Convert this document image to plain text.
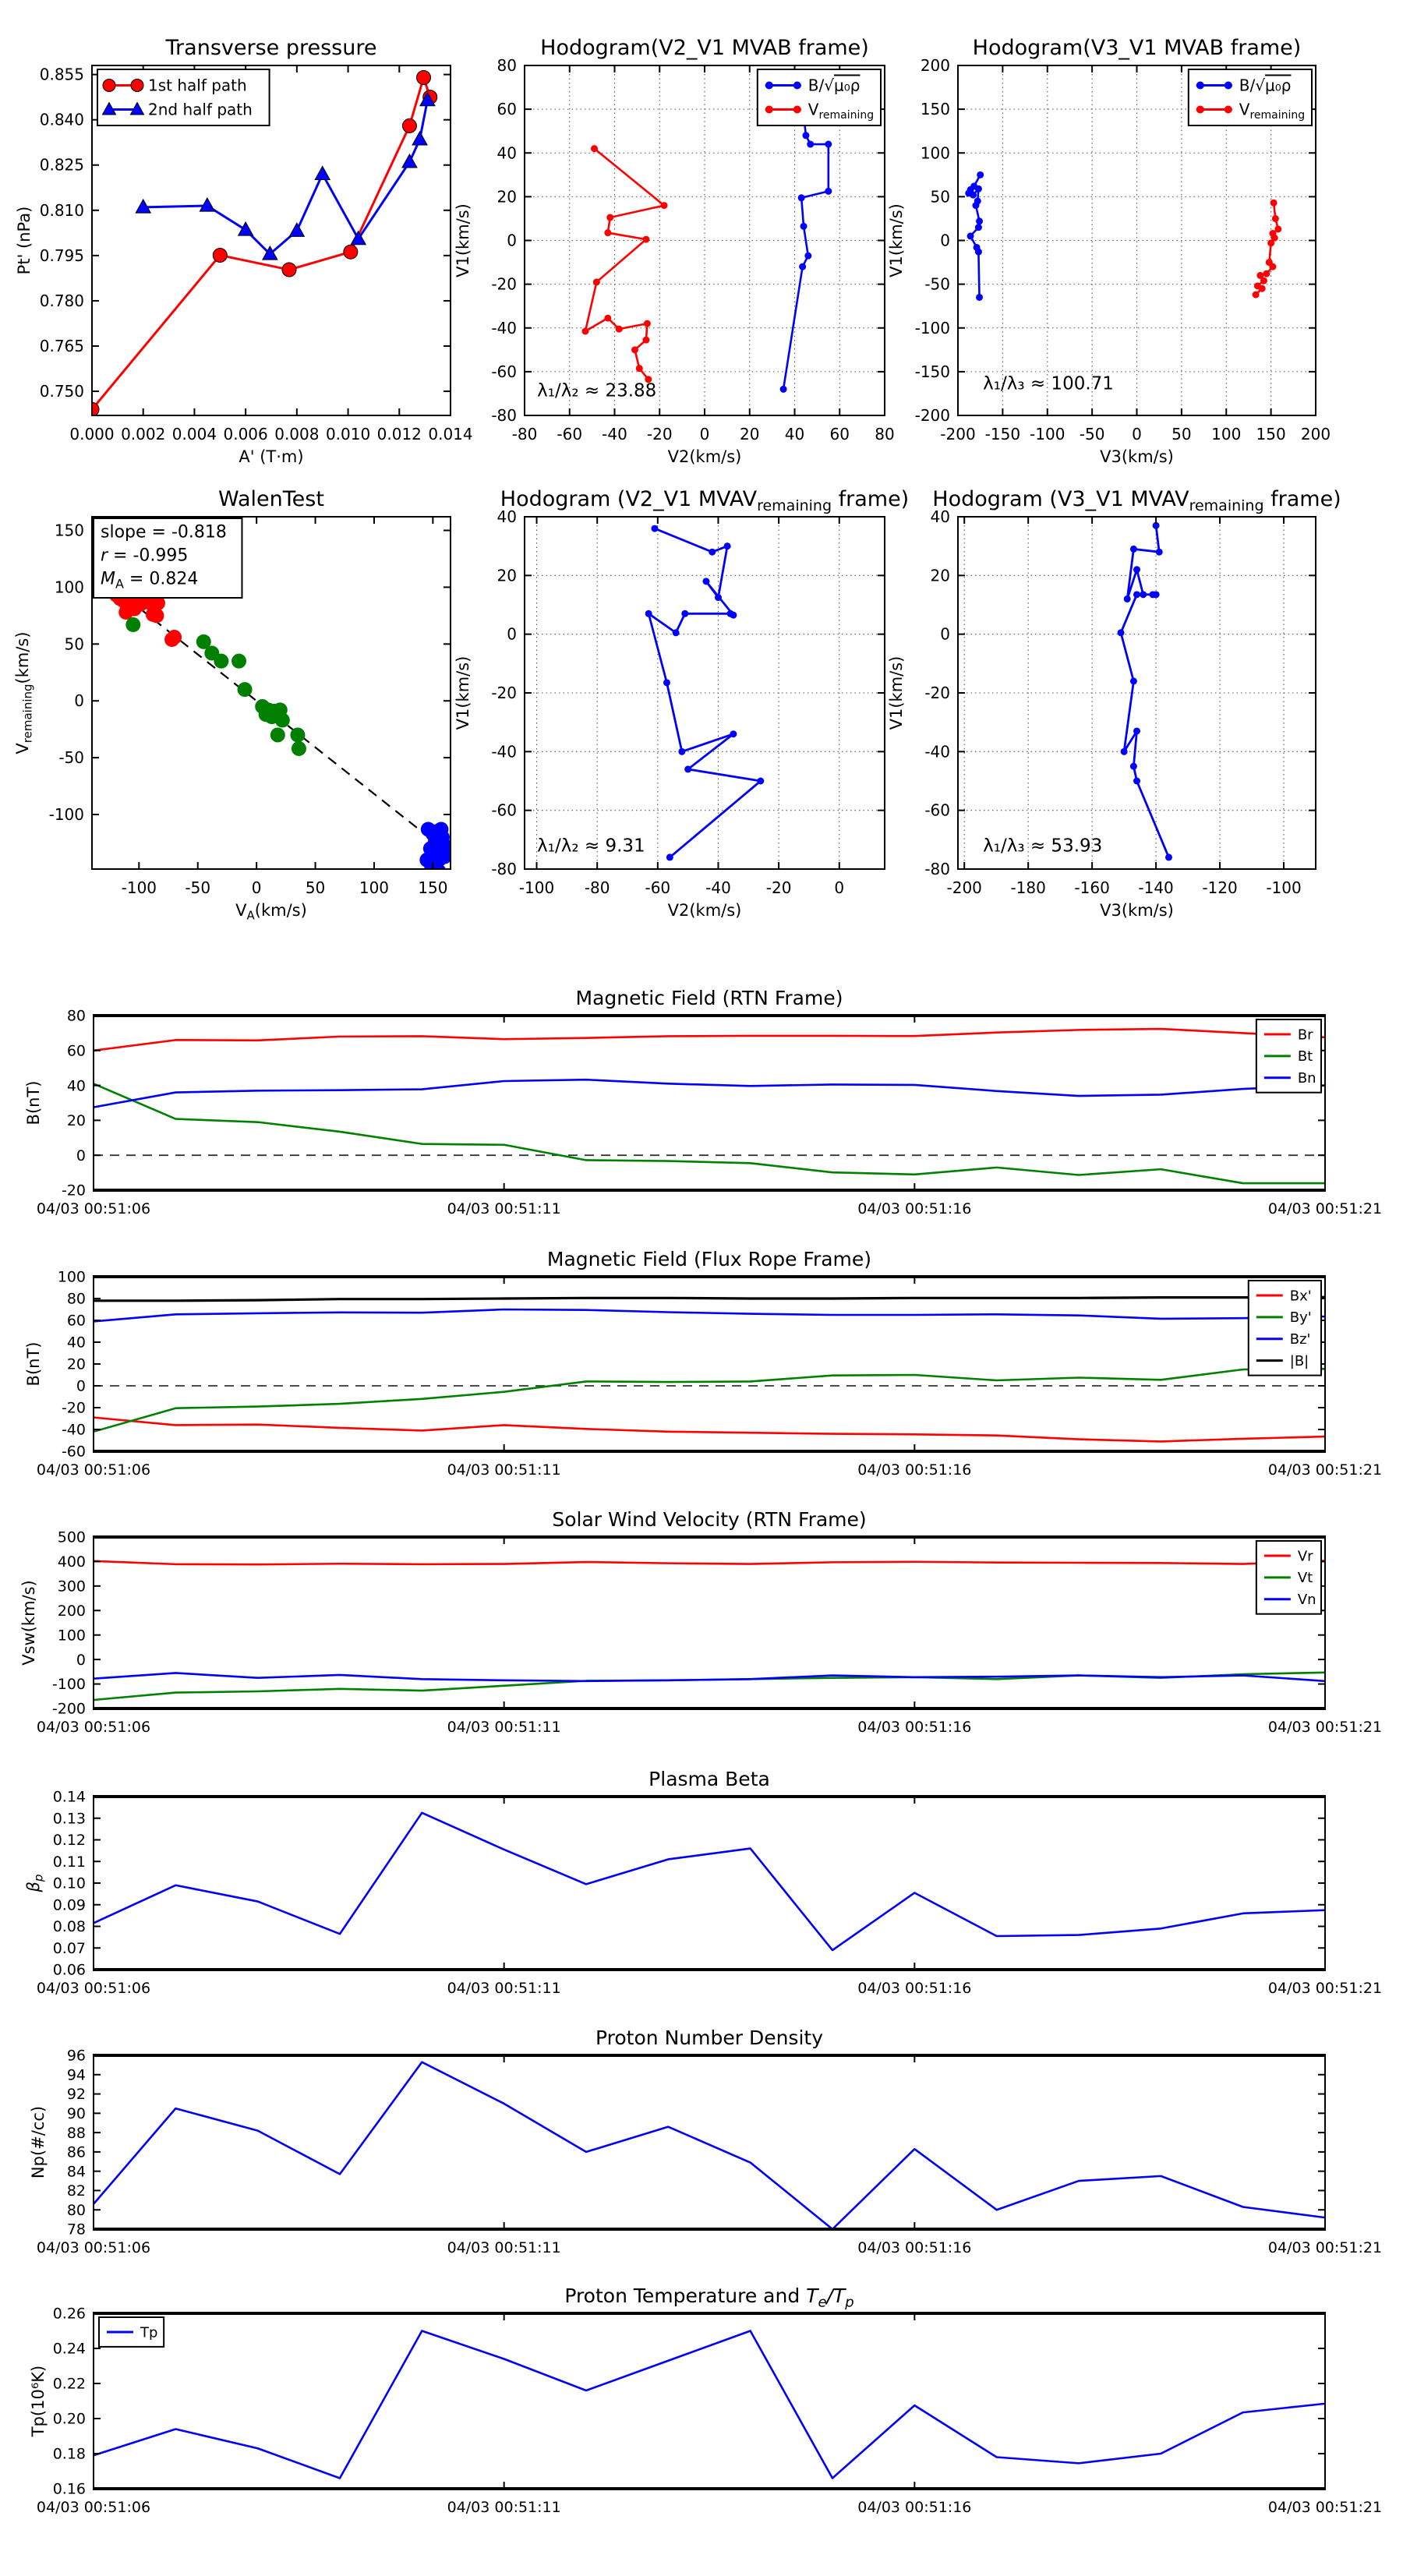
0.000 0.002 0.004 0.006 0.008 0.010 0.012 0.014
0.750
0.765
0.780
0.795
0.810
0.825
0.840
0.855
Transverse pressure
A' (T·m)
Pt' (nPa)
1st half path
2nd half path
-80 -60 -40 -20 0 20 40 60 80
-80
-60
-40
-20
0
20
40
60
80
Hodogram(V2_V1 MVAB frame)
V2(km/s)
V1(km/s)
λ₁/λ₂ ≈ 23.88
B/√μ₀ρ
$V_{remaining}$
-200 -150 -100 -50 0 50 100 150 200
-200
-150
-100
-50
0
50
100
150
200
Hodogram(V3_V1 MVAB frame)
V3(km/s)
V1(km/s)
λ₁/λ₃ ≈ 100.71
B/√μ₀ρ
$V_{remaining}$
-100 -50	0	50 100 150
-100
-50
0
50
100
150
WalenTest
$V_A(km/s)$
$V_{remaining}(km/s)$
slope = -0.818
r = -0.995
$M_A = 0.824$
-100 -80 -60 -40 -20	0
-80
-60
-40
-20
0
20
40
Hodogram (V2_V1 $MVAV_{remaining}$ frame)
V2(km/s)
V1(km/s)
λ₁/λ₂ ≈ 9.31
-200 -180 -160 -140 -120 -100
-80
-60
-40
-20
0
20
40
Hodogram (V3_V1 $MVAV_{remaining}$ frame)
V3(km/s)
V1(km/s)
λ₁/λ₃ ≈ 53.93
04/03 00:51:06	04/03 00:51:11	04/03 00:51:16	04/03 00:51:21
-20
0
20
40
60
80
Magnetic Field (RTN Frame)
B(nT)
Br
Bt
Bn
04/03 00:51:06	04/03 00:51:11	04/03 00:51:16	04/03 00:51:21
-60
-40
-20
0
20
40
60
80
100
Magnetic Field (Flux Rope Frame)
B(nT)
Bx'
By'
Bz'
|B|
04/03 00:51:06	04/03 00:51:11	04/03 00:51:16	04/03 00:51:21
-200
-100
0
100
200
300
400
500
Solar Wind Velocity (RTN Frame)
Vsw(km/s)
Vr
Vt
Vn
04/03 00:51:06	04/03 00:51:11	04/03 00:51:16	04/03 00:51:21
0.06
0.07
0.08
0.09
0.10
0.11
0.12
0.13
0.14
Plasma Beta
$\beta_p$
04/03 00:51:06	04/03 00:51:11	04/03 00:51:16	04/03 00:51:21
78
80
82
84
86
88
90
92
94
96
Proton Number Density
Np(#/cc)
04/03 00:51:06	04/03 00:51:11	04/03 00:51:16	04/03 00:51:21
0.16
0.18
0.20
0.22
0.24
0.26
Proton Temperature and $T_e/T_p$
Tp(10⁶K)
Tp
